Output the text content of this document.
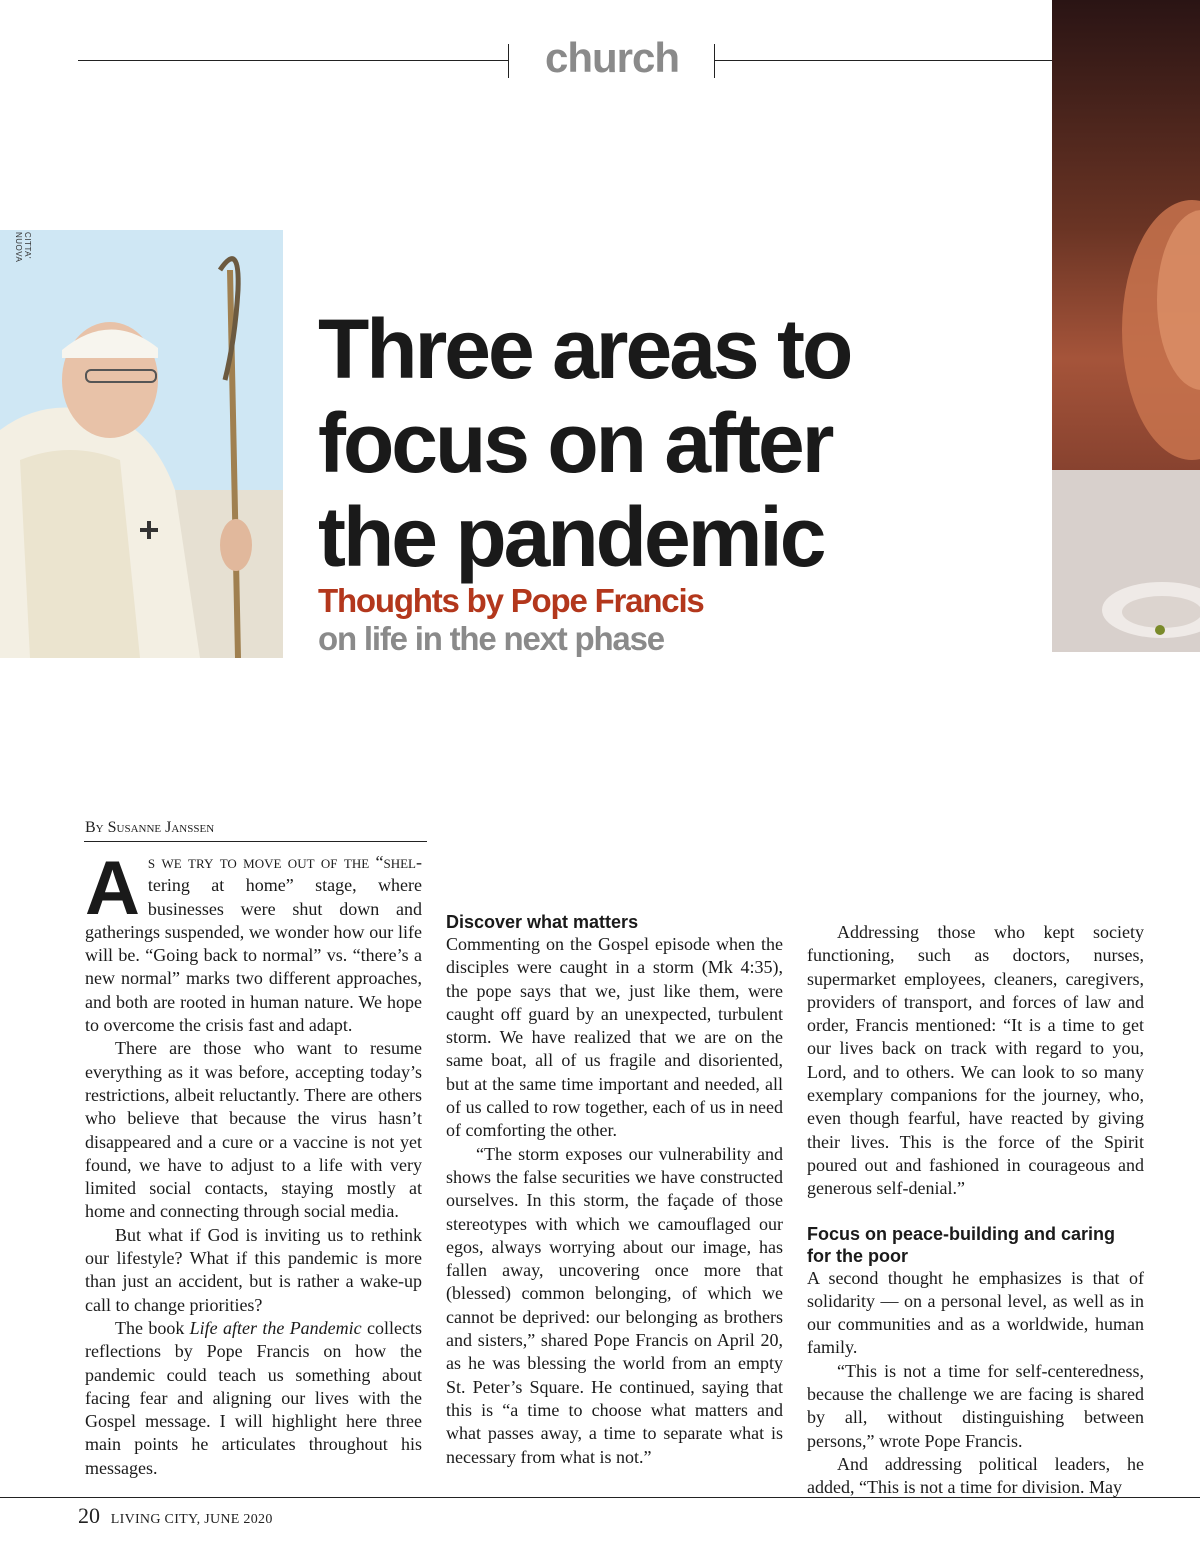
church
CITTA' NUOVA
Three areas to
focus on after
the pandemic
Thoughts by Pope Francis
on life in the next phase
By Susanne Janssen

As we try to move out of the “shel-tering at home” stage, where businesses were shut down and gatherings suspended, we wonder how our life will be. “Going back to normal” vs. “there’s a new normal” marks two different approaches, and both are rooted in human nature. We hope to overcome the crisis fast and adapt.

There are those who want to resume everything as it was before, accepting today’s restrictions, albeit reluctantly. There are others who believe that because the virus hasn’t disappeared and a cure or a vaccine is not yet found, we have to adjust to a life with very limited social contacts, staying mostly at home and connecting through social media.

But what if God is inviting us to rethink our lifestyle? What if this pandemic is more than just an accident, but is rather a wake-up call to change priorities?

The book Life after the Pandemic collects reflections by Pope Francis on how the pandemic could teach us something about facing fear and aligning our lives with the Gospel message. I will highlight here three main points he articulates throughout his messages.

Discover what matters

Commenting on the Gospel episode when the disciples were caught in a storm (Mk 4:35), the pope says that we, just like them, were caught off guard by an unexpected, turbulent storm. We have realized that we are on the same boat, all of us fragile and disoriented, but at the same time important and needed, all of us called to row together, each of us in need of comforting the other.

“The storm exposes our vulnerability and shows the false securities we have constructed ourselves. In this storm, the façade of those stereotypes with which we camouflaged our egos, always worrying about our image, has fallen away, uncovering once more that (blessed) common belonging, of which we cannot be deprived: our belonging as brothers and sisters,” shared Pope Francis on April 20, as he was blessing the world from an empty St. Peter’s Square. He continued, saying that this is “a time to choose what matters and what passes away, a time to separate what is necessary from what is not.”

Addressing those who kept society functioning, such as doctors, nurses, supermarket employees, cleaners, caregivers, providers of transport, and forces of law and order, Francis mentioned: “It is a time to get our lives back on track with regard to you, Lord, and to others. We can look to so many exemplary companions for the journey, who, even though fearful, have reacted by giving their lives. This is the force of the Spirit poured out and fashioned in courageous and generous self-denial.”

Focus on peace-building and caring for the poor

A second thought he emphasizes is that of solidarity — on a personal level, as well as in our communities and as a worldwide, human family.

“This is not a time for self-centeredness, because the challenge we are facing is shared by all, without distinguishing between persons,” wrote Pope Francis.

And addressing political leaders, he added, “This is not a time for division. May

20 LIVING CITY, JUNE 2020
